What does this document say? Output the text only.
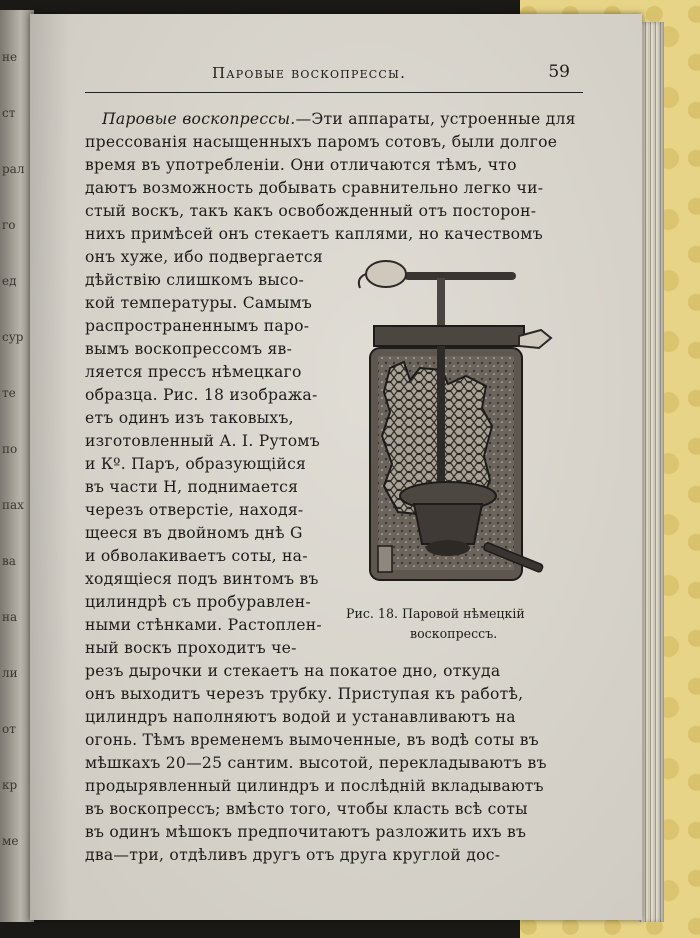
не
ст
рал
го
ед
сур
те
по
пах
ва
на
ли
от
кр
ме
Паровые воскопрессы.	59
Паровые воскопрессы.—Эти аппараты, устроенные для
прессованія насыщенныхъ паромъ сотовъ, были долгое
время въ употребленіи. Они отличаются тѣмъ, что
даютъ возможность добывать сравнительно легко чи-
стый воскъ, такъ какъ освобожденный отъ посторон-
нихъ примѣсей онъ стекаетъ каплями, но качествомъ
онъ хуже, ибо подвергается
дѣйствію слишкомъ высо-
кой температуры. Самымъ
распространеннымъ паро-
вымъ воскопрессомъ яв-
ляется прессъ нѣмецкаго
образца. Рис. 18 изобража-
етъ одинъ изъ таковыхъ,
изготовленный А. І. Рутомъ
и Кº. Паръ, образующійся
въ части Н, поднимается
черезъ отверстіе, находя-
щееся въ двойномъ днѣ G
и обволакиваетъ соты, на-
ходящіеся подъ винтомъ въ
цилиндрѣ съ пробуравлен-
ными стѣнками. Растоплен-
ный воскъ проходитъ че-
резъ дырочки и стекаетъ на покатое дно, откуда
онъ выходитъ черезъ трубку. Приступая къ работѣ,
цилиндръ наполняютъ водой и устанавливаютъ на
огонь. Тѣмъ временемъ вымоченные, въ водѣ соты въ
мѣшкахъ 20—25 сантим. высотой, перекладываютъ въ
продырявленный цилиндръ и послѣдній вкладываютъ
въ воскопрессъ; вмѣсто того, чтобы класть всѣ соты
въ одинъ мѣшокъ предпочитаютъ разложить ихъ въ
два—три, отдѣливъ другъ отъ друга круглой дос-
Рис. 18. Паровой нѣмецкій
воскопрессъ.
